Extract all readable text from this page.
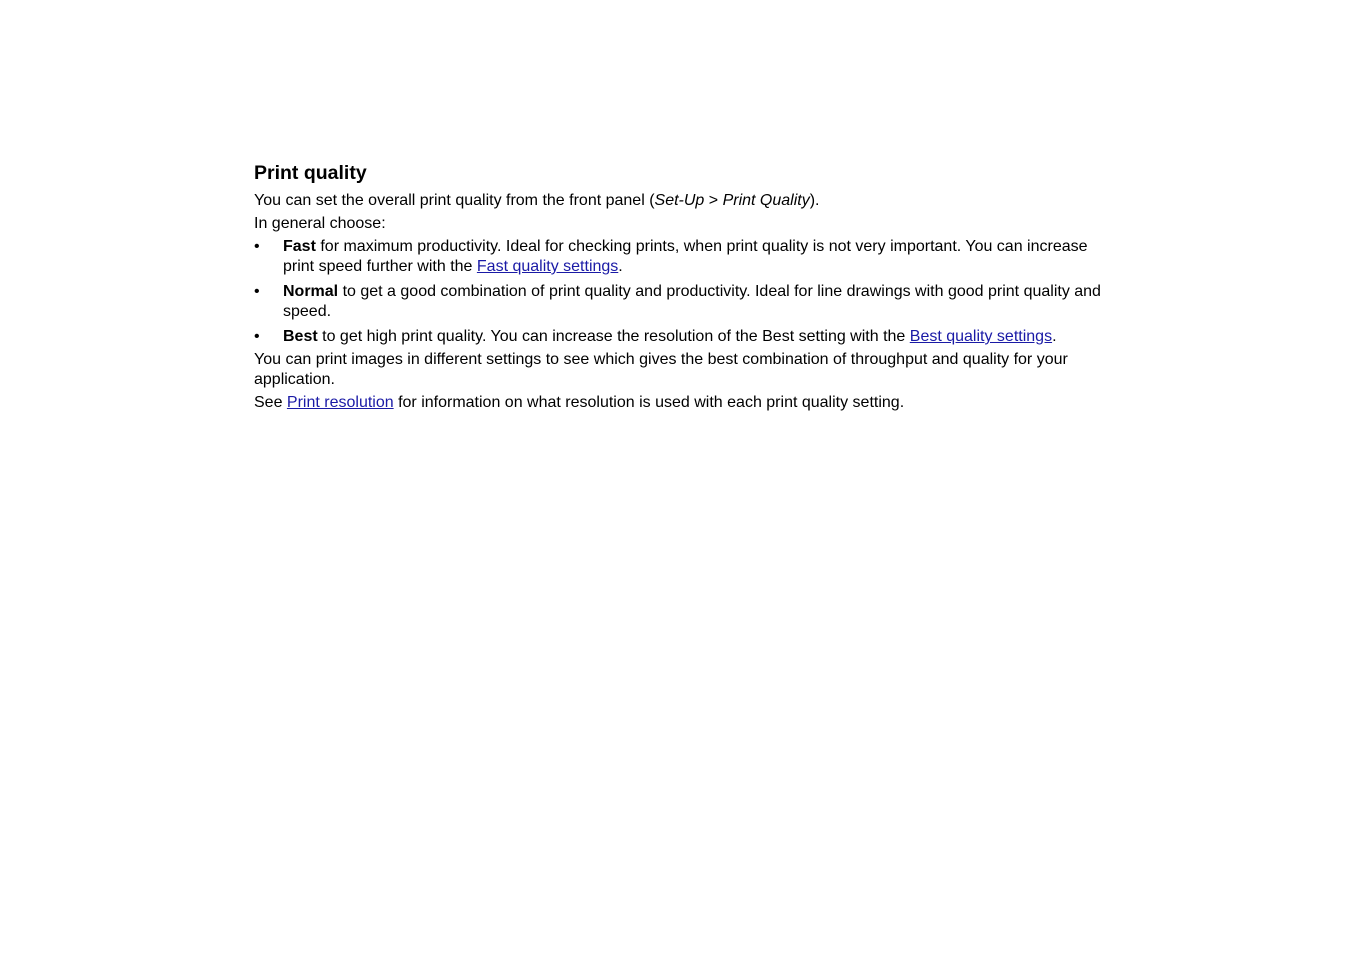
Print quality

You can set the overall print quality from the front panel (Set-Up > Print Quality).

In general choose:

• Fast for maximum productivity. Ideal for checking prints, when print quality is not very important. You can increase print speed further with the Fast quality settings.
• Normal to get a good combination of print quality and productivity. Ideal for line drawings with good print quality and speed.
• Best to get high print quality. You can increase the resolution of the Best setting with the Best quality settings.

You can print images in different settings to see which gives the best combination of throughput and quality for your application.

See Print resolution for information on what resolution is used with each print quality setting.
